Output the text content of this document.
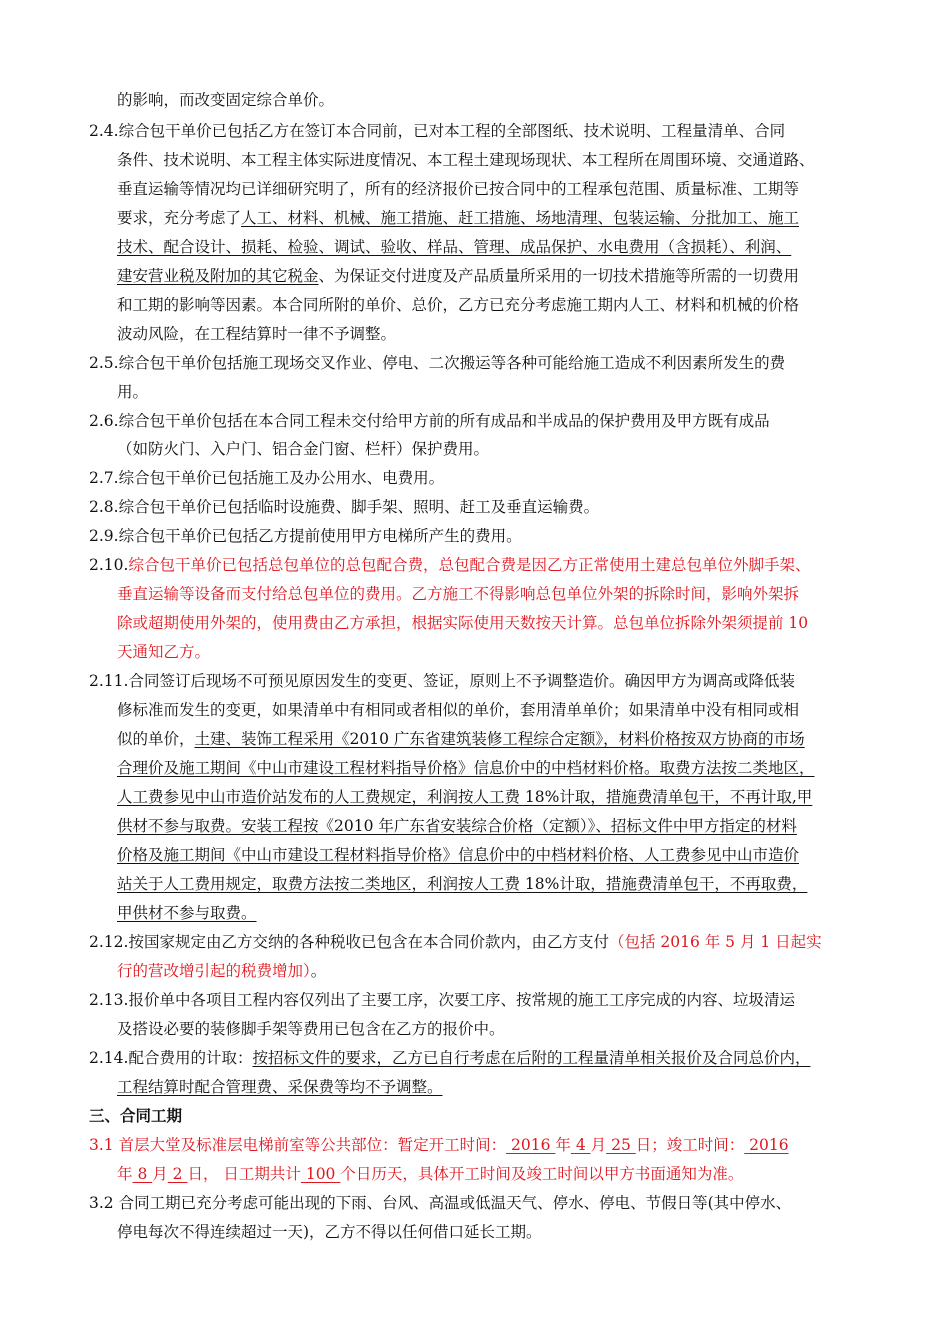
的影响，而改变固定综合单价。
2.4.综合包干单价已包括乙方在签订本合同前，已对本工程的全部图纸、技术说明、工程量清单、合同
条件、技术说明、本工程主体实际进度情况、本工程土建现场现状、本工程所在周围环境、交通道路、
垂直运输等情况均已详细研究明了，所有的经济报价已按合同中的工程承包范围、质量标准、工期等
要求，充分考虑了人工、材料、机械、施工措施、赶工措施、场地清理、包装运输、分批加工、施工
技术、配合设计、损耗、检验、调试、验收、样品、管理、成品保护、水电费用（含损耗）、利润、
建安营业税及附加的其它税金、为保证交付进度及产品质量所采用的一切技术措施等所需的一切费用
和工期的影响等因素。本合同所附的单价、总价，乙方已充分考虑施工期内人工、材料和机械的价格
波动风险，在工程结算时一律不予调整。
2.5.综合包干单价包括施工现场交叉作业、停电、二次搬运等各种可能给施工造成不利因素所发生的费
用。
2.6.综合包干单价包括在本合同工程未交付给甲方前的所有成品和半成品的保护费用及甲方既有成品
（如防火门、入户门、铝合金门窗、栏杆）保护费用。
2.7.综合包干单价已包括施工及办公用水、电费用。
2.8.综合包干单价已包括临时设施费、脚手架、照明、赶工及垂直运输费。
2.9.综合包干单价已包括乙方提前使用甲方电梯所产生的费用。
2.10.综合包干单价已包括总包单位的总包配合费，总包配合费是因乙方正常使用土建总包单位外脚手架、
垂直运输等设备而支付给总包单位的费用。乙方施工不得影响总包单位外架的拆除时间，影响外架拆
除或超期使用外架的，使用费由乙方承担，根据实际使用天数按天计算。总包单位拆除外架须提前 10
天通知乙方。
2.11.合同签订后现场不可预见原因发生的变更、签证，原则上不予调整造价。确因甲方为调高或降低装
修标准而发生的变更，如果清单中有相同或者相似的单价，套用清单单价；如果清单中没有相同或相
似的单价，土建、装饰工程采用《2010 广东省建筑装修工程综合定额》，材料价格按双方协商的市场
合理价及施工期间《中山市建设工程材料指导价格》信息价中的中档材料价格。取费方法按二类地区，
人工费参见中山市造价站发布的人工费规定，利润按人工费 18%计取，措施费清单包干，不再计取,甲
供材不参与取费。安装工程按《2010 年广东省安装综合价格（定额）》、招标文件中甲方指定的材料
价格及施工期间《中山市建设工程材料指导价格》信息价中的中档材料价格、人工费参见中山市造价
站关于人工费用规定，取费方法按二类地区，利润按人工费 18%计取，措施费清单包干，不再取费，
甲供材不参与取费。
2.12.按国家规定由乙方交纳的各种税收已包含在本合同价款内，由乙方支付（包括 2016 年 5 月 1 日起实
行的营改增引起的税费增加）。
2.13.报价单中各项目工程内容仅列出了主要工序，次要工序、按常规的施工工序完成的内容、垃圾清运
及搭设必要的装修脚手架等费用已包含在乙方的报价中。
2.14.配合费用的计取：按招标文件的要求，乙方已自行考虑在后附的工程量清单相关报价及合同总价内，
工程结算时配合管理费、采保费等均不予调整。
三、合同工期
3.1 首层大堂及标准层电梯前室等公共部位：暂定开工时间： 2016 年 4 月 25 日；竣工时间： 2016
年 8 月 2 日， 日工期共计 100 个日历天，具体开工时间及竣工时间以甲方书面通知为准。
3.2 合同工期已充分考虑可能出现的下雨、台风、高温或低温天气、停水、停电、节假日等(其中停水、
停电每次不得连续超过一天)，乙方不得以任何借口延长工期。
